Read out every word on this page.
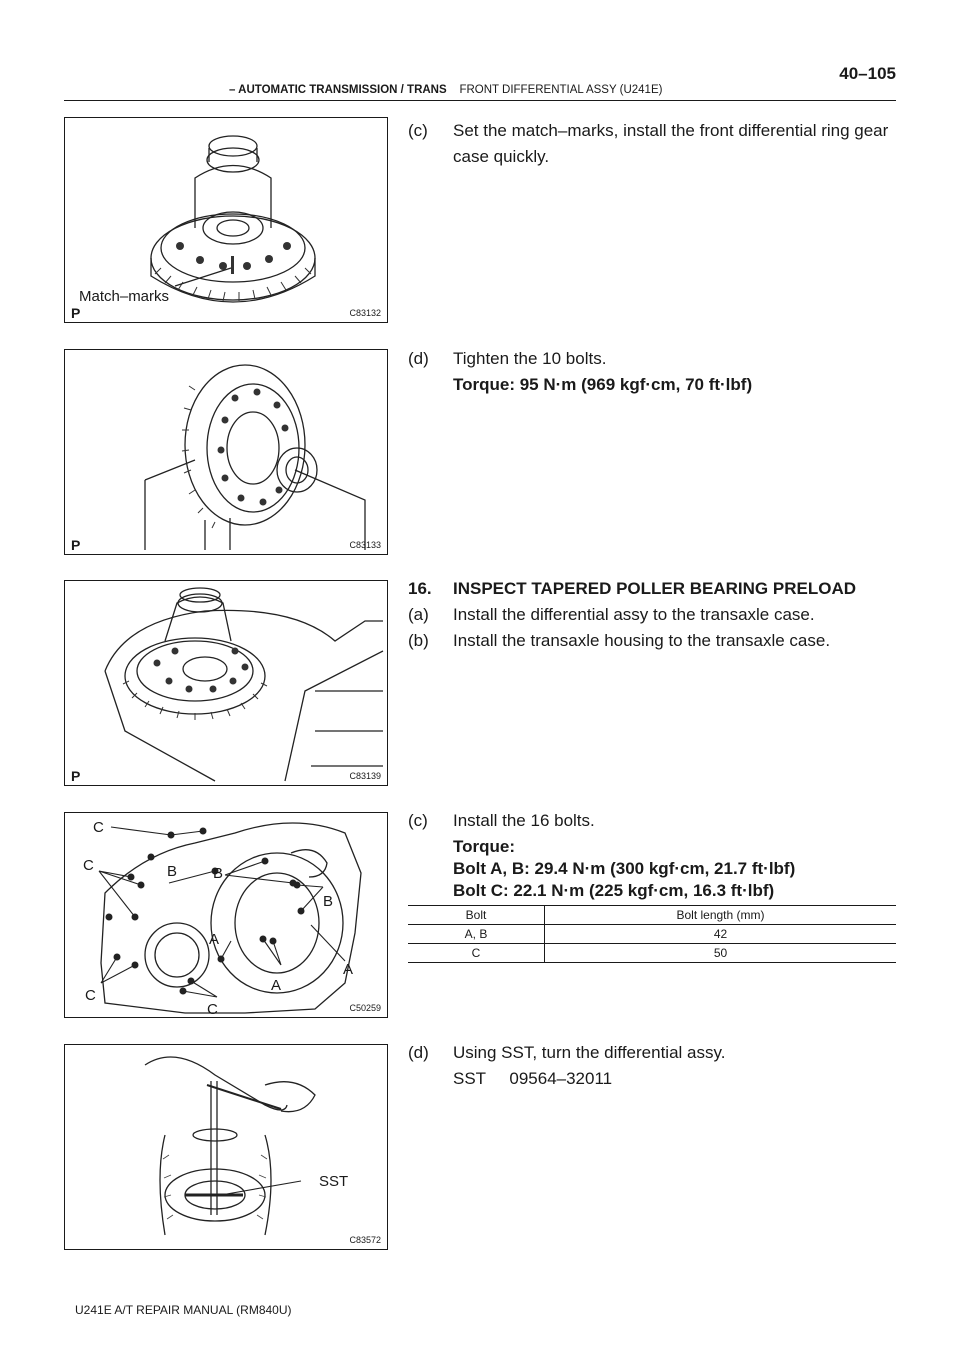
40–105
– AUTOMATIC TRANSMISSION / TRANS FRONT DIFFERENTIAL ASSY (U241E)
Match–marks
P	C83132
P	C83133
P	C83139
C
C	B B
B
A
A
A
C
C	C50259
SST
C83572
(c) Set the match–marks, install the front differential ring gear
case quickly.
(d) Tighten the 10 bolts.
Torque: 95 N·m (969 kgf·cm, 70 ft·lbf)
16. INSPECT TAPERED POLLER BEARING PRELOAD
(a) Install the differential assy to the transaxle case.
(b) Install the transaxle housing to the transaxle case.
(c) Install the 16 bolts.
Torque:
Bolt A, B: 29.4 N·m (300 kgf·cm, 21.7 ft·lbf)
Bolt C: 22.1 N·m (225 kgf·cm, 16.3 ft·lbf)
Bolt	Bolt length (mm)
A, B	42
C	50
(d) Using SST, turn the differential assy.
SST     09564–32011
U241E A/T REPAIR MANUAL (RM840U)
